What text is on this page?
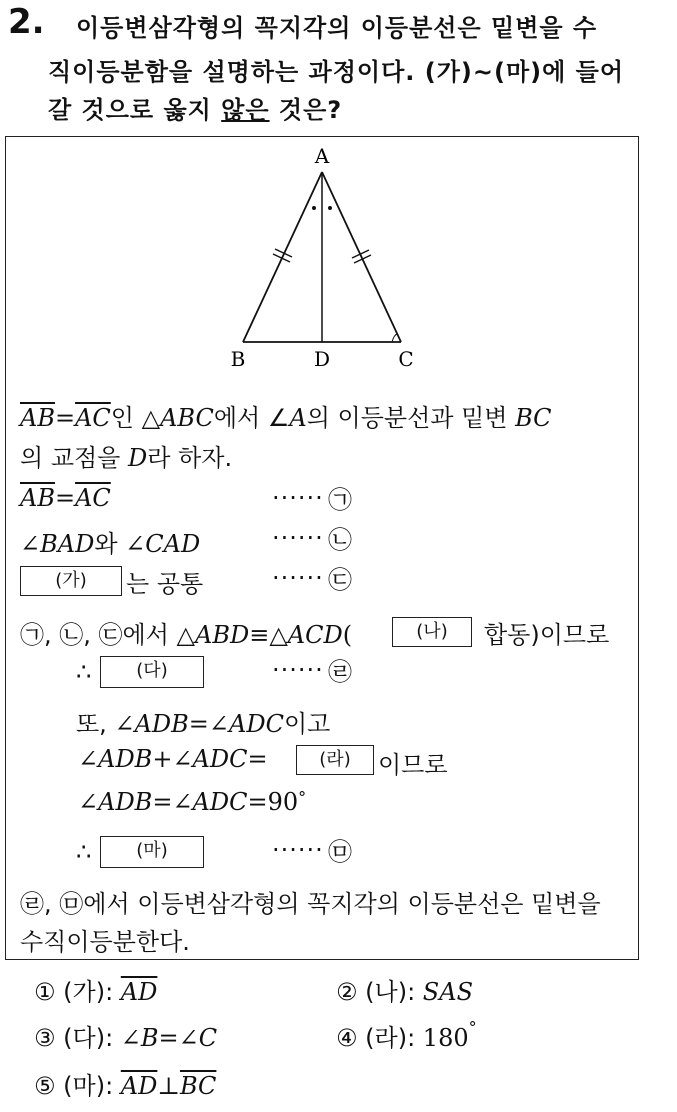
2. 이등변삼각형의 꼭지각의 이등분선은 밑변을 수
직이등분함을 설명하는 과정이다. (가)~(마)에 들어
갈 것으로 옳지 않은 것은?
A
B	D	C
$\overline{AB}=\overline{AC}$인 △ABC에서 ∠A의 이등분선과 밑변 BC
의 교점을 D라 하자.
$\overline{AB}=\overline{AC}$	······ ㉠
∠BAD와 ∠CAD	······ ㉡
(가)	는 공통	······ ㉢
㉠, ㉡, ㉢에서 △ABD≡△ACD(	(나)	합동)이므로
∴	(다)	······ ㉣
또, ∠ADB=∠ADC이고
∠ADB+∠ADC=	(라)	이므로
∠ADB=∠ADC=90°
∴	(마)	······ ㉤
㉣, ㉤에서 이등변삼각형의 꼭지각의 이등분선은 밑변을
수직이등분한다.
① (가): $\overline{AD}$	② (나): SAS
③ (다): ∠B=∠C	④ (라): 180°
⑤ (마): $\overline{AD}\perp\overline{BC}$
